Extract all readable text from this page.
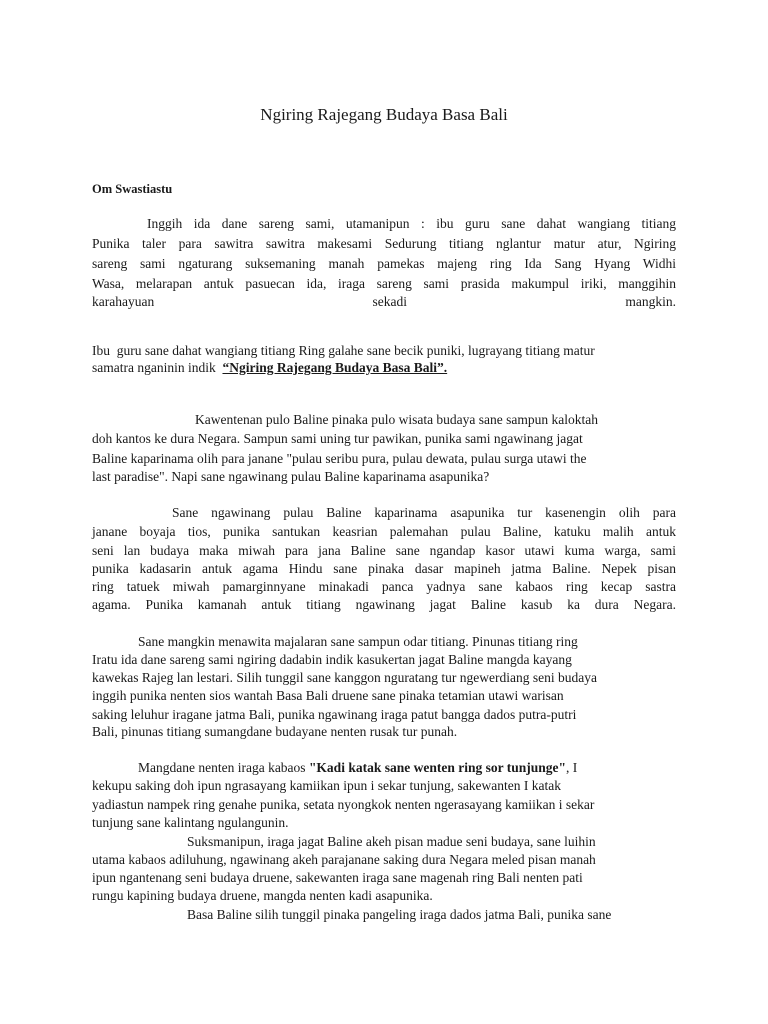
Ngiring Rajegang Budaya Basa Bali
Om Swastiastu
Inggih ida dane sareng sami, utamanipun : ibu guru sane dahat wangiang titiang
Punika taler para sawitra sawitra makesami Sedurung titiang nglantur matur atur, Ngiring
sareng sami ngaturang suksemaning manah pamekas majeng ring Ida Sang Hyang Widhi
Wasa, melarapan antuk pasuecan ida, iraga sareng sami prasida makumpul iriki, manggihin
karahayuan sekadi mangkin.
Ibu  guru sane dahat wangiang titiang Ring galahe sane becik puniki, lugrayang titiang matur
samatra nganinin indik  “Ngiring Rajegang Budaya Basa Bali”.
Kawentenan pulo Baline pinaka pulo wisata budaya sane sampun kaloktah
doh kantos ke dura Negara. Sampun sami uning tur pawikan, punika sami ngawinang jagat
Baline kaparinama olih para janane "pulau seribu pura, pulau dewata, pulau surga utawi the
last paradise". Napi sane ngawinang pulau Baline kaparinama asapunika?
Sane ngawinang pulau Baline kaparinama asapunika tur kasenengin olih para
janane boyaja tios, punika santukan keasrian palemahan pulau Baline, katuku malih antuk
seni lan budaya maka miwah para jana Baline sane ngandap kasor utawi kuma warga, sami
punika kadasarin antuk agama Hindu sane pinaka dasar mapineh jatma Baline. Nepek pisan
ring tatuek miwah pamarginnyane minakadi panca yadnya sane kabaos ring kecap sastra
agama. Punika kamanah antuk titiang ngawinang jagat Baline kasub ka dura Negara.
Sane mangkin menawita majalaran sane sampun odar titiang. Pinunas titiang ring
Iratu ida dane sareng sami ngiring dadabin indik kasukertan jagat Baline mangda kayang
kawekas Rajeg lan lestari. Silih tunggil sane kanggon nguratang tur ngewerdiang seni budaya
inggih punika nenten sios wantah Basa Bali druene sane pinaka tetamian utawi warisan
saking leluhur iragane jatma Bali, punika ngawinang iraga patut bangga dados putra-putri
Bali, pinunas titiang sumangdane budayane nenten rusak tur punah.
Mangdane nenten iraga kabaos "Kadi katak sane wenten ring sor tunjunge", I
kekupu saking doh ipun ngrasayang kamiikan ipun i sekar tunjung, sakewanten I katak
yadiastun nampek ring genahe punika, setata nyongkok nenten ngerasayang kamiikan i sekar
tunjung sane kalintang ngulangunin.
Suksmanipun, iraga jagat Baline akeh pisan madue seni budaya, sane luihin
utama kabaos adiluhung, ngawinang akeh parajanane saking dura Negara meled pisan manah
ipun ngantenang seni budaya druene, sakewanten iraga sane magenah ring Bali nenten pati
rungu kapining budaya druene, mangda nenten kadi asapunika.
Basa Baline silih tunggil pinaka pangeling iraga dados jatma Bali, punika sane
